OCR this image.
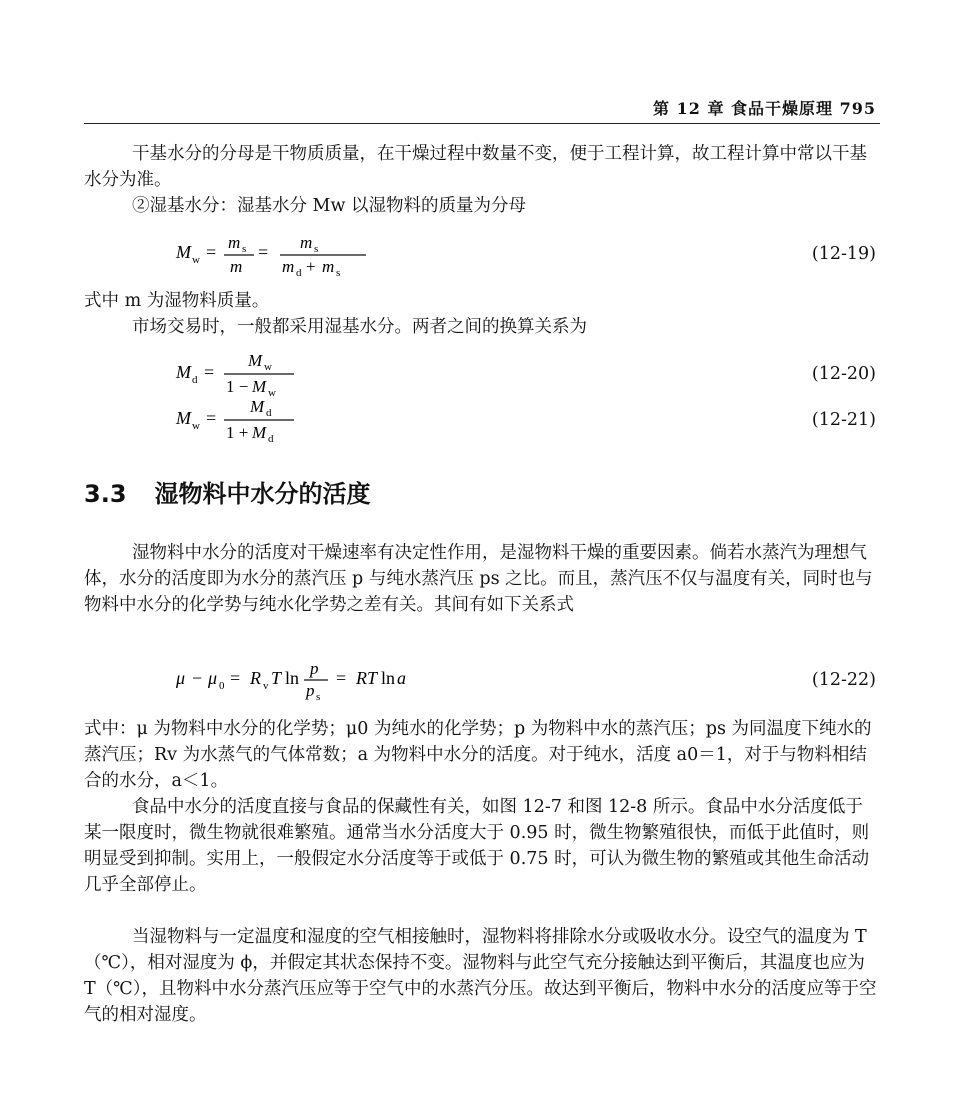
第 12 章 食品干燥原理 795
干基水分的分母是干物质质量，在干燥过程中数量不变，便于工程计算，故工程计算中常以干基水分为准。
②湿基水分：湿基水分 Mw 以湿物料的质量为分母
M w = m s
m
= m s
m d + m s
(12-19)
式中 m 为湿物料质量。
市场交易时，一般都采用湿基水分。两者之间的换算关系为
M d =
M w
1 − M w
(12-20)
M w =
M d
1 + M d
(12-21)
3.3 湿物料中水分的活度
湿物料中水分的活度对干燥速率有决定性作用，是湿物料干燥的重要因素。倘若水蒸汽为理想气体，水分的活度即为水分的蒸汽压 p 与纯水蒸汽压 ps 之比。而且，蒸汽压不仅与温度有关，同时也与物料中水分的化学势与纯水化学势之差有关。其间有如下关系式
μ − μ 0 = R v T ln p
p s
= RT ln a	(12-22)
式中：μ 为物料中水分的化学势；μ0 为纯水的化学势；p 为物料中水的蒸汽压；ps 为同温度下纯水的蒸汽压；Rv 为水蒸气的气体常数；a 为物料中水分的活度。对于纯水，活度 a0＝1，对于与物料相结合的水分，a＜1。
食品中水分的活度直接与食品的保藏性有关，如图 12-7 和图 12-8 所示。食品中水分活度低于某一限度时，微生物就很难繁殖。通常当水分活度大于 0.95 时，微生物繁殖很快，而低于此值时，则明显受到抑制。实用上，一般假定水分活度等于或低于 0.75 时，可认为微生物的繁殖或其他生命活动几乎全部停止。
当湿物料与一定温度和湿度的空气相接触时，湿物料将排除水分或吸收水分。设空气的温度为 T（℃），相对湿度为 ϕ，并假定其状态保持不变。湿物料与此空气充分接触达到平衡后，其温度也应为 T（℃），且物料中水分蒸汽压应等于空气中的水蒸汽分压。故达到平衡后，物料中水分的活度应等于空气的相对湿度。
